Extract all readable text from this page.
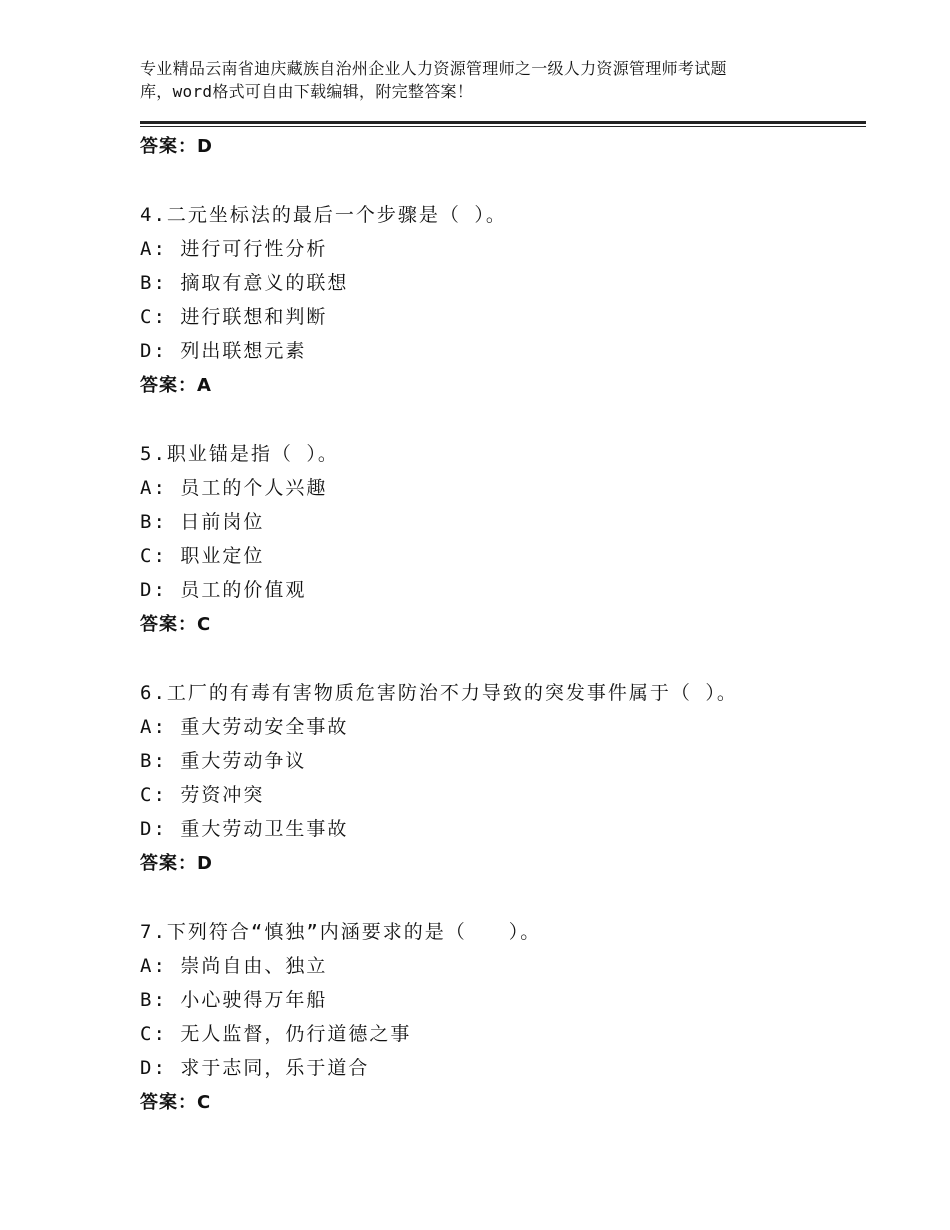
专业精品云南省迪庆藏族自治州企业人力资源管理师之一级人力资源管理师考试题
库，word格式可自由下载编辑，附完整答案！
答案：D
4.二元坐标法的最后一个步骤是（ ）。
A: 进行可行性分析
B: 摘取有意义的联想
C: 进行联想和判断
D: 列出联想元素
答案：A
5.职业锚是指（ ）。
A: 员工的个人兴趣
B: 日前岗位
C: 职业定位
D: 员工的价值观
答案：C
6.工厂的有毒有害物质危害防治不力导致的突发事件属于（ ）。
A: 重大劳动安全事故
B: 重大劳动争议
C: 劳资冲突
D: 重大劳动卫生事故
答案：D
7.下列符合“慎独”内涵要求的是（　　）。
A: 崇尚自由、独立
B: 小心驶得万年船
C: 无人监督，仍行道德之事
D: 求于志同，乐于道合
答案：C
